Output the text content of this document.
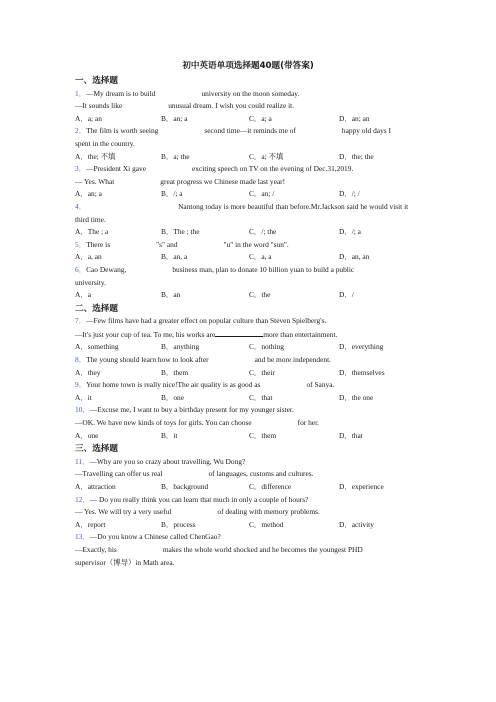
初中英语单项选择题40题(带答案)
一、选择题
1．—My dream is to build	university on the moon someday.
—It sounds like	unusual dream. I wish you could realize it.
A．a; an	B．an; a	C．a; a	D．an; an
2．The film is worth seeing	second time—it reminds me of	happy old days I
spent in the country.
A．the; 不填	B．a; the	C．a; 不填	D．the; the
3．—President Xi gave	exciting speech on TV on the evening of Dec.31,2019.
— Yes. What	great progress we Chinese made last year!
A．an; a	B．/; a	C．an; /	D．/; /
4．	Nantong today is more beautiful than before.Mr.Jackson said he would visit it
third time.
A．The ; a	B．The ; the	C．/; the	D．/; a
5．There is	"s" and	"u" in the word "sun".
A．a, an	B．an, a	C．a, a	D．an, an
6．Cao Dewang,	business man, plan to donate 10 billion yuan to build a public
university.
A．a	B．an	C．the	D．/
二、选择题
7．—Few films have had a greater effect on popular culture than Steven Spielberg's.
—It's just your cup of tea. To me, his works are	more than entertainment.
A．something	B．anything	C．nothing	D．everything
8．The young should learn how to look after	and be more independent.
A．they	B．them	C．their	D．themselves
9．Your home town is really nice!The air quality is as good as	of Sanya.
A．it	B．one	C．that	D．the one
10．—Excuse me, I want to buy a birthday present for my younger sister.
—OK. We have new kinds of toys for girls. You can choose	for her.
A．one	B．it	C．them	D．that
三、选择题
11．—Why are you so crazy about travelling, Wu Dong?
—Travelling can offer us real	of languages, customs and cultures.
A．attraction	B．background	C．difference	D．experience
12．— Do you really think you can learn that much in only a couple of hours?
— Yes. We will try a very useful	of dealing with memory problems.
A．report	B．process	C．method	D．activity
13．—Do you know a Chinese called ChenGao?
—Exactly, his	makes the whole world shocked and he becomes the youngest PHD
supervisor（博导）in Math area.
